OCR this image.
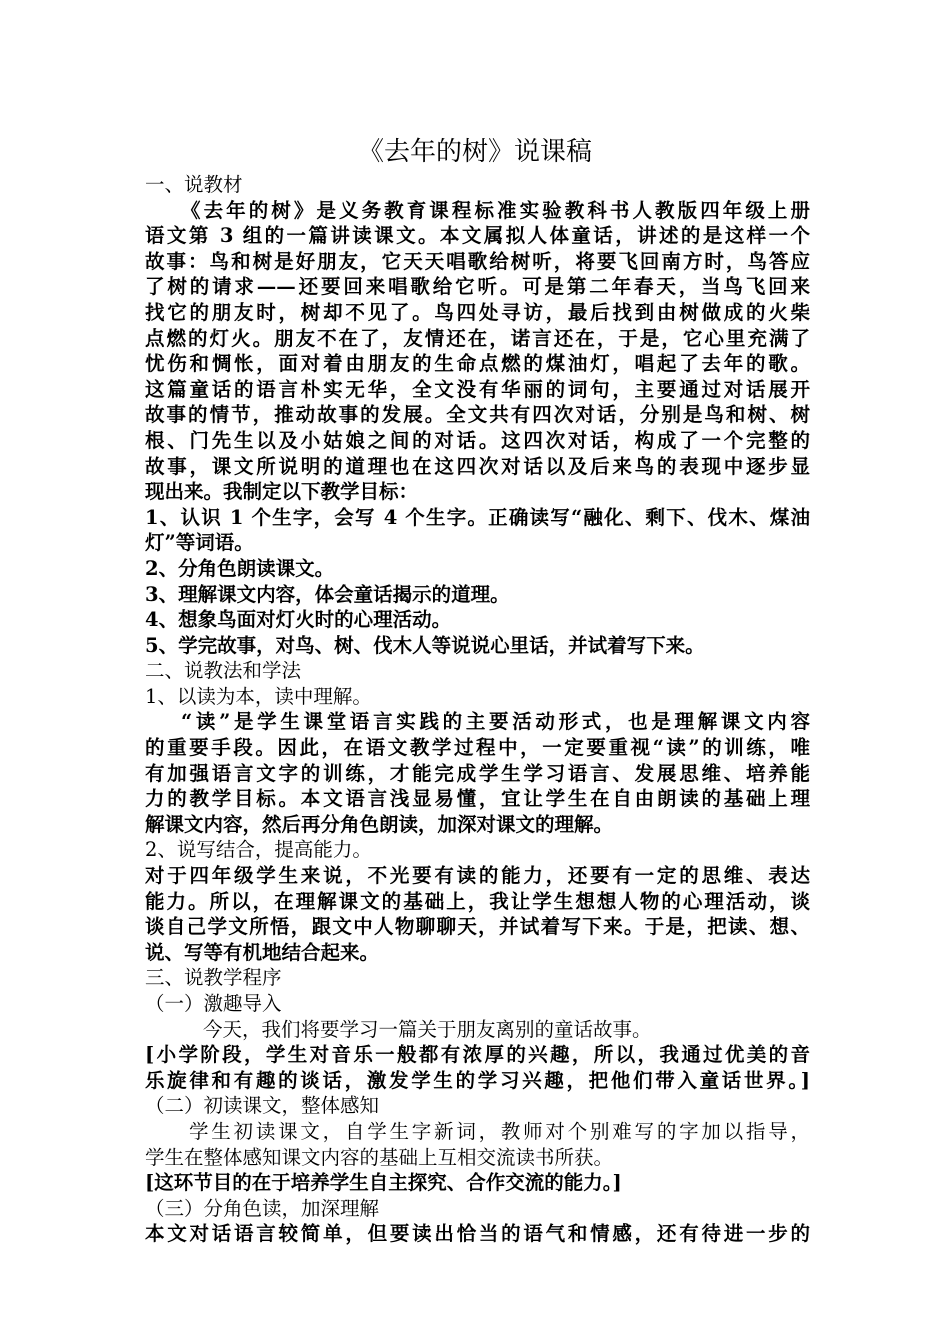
《去年的树》说课稿
一、说教材
《去年的树》是义务教育课程标准实验教科书人教版四年级上册
语文第 3 组的一篇讲读课文。本文属拟人体童话，讲述的是这样一个
故事：鸟和树是好朋友，它天天唱歌给树听，将要飞回南方时，鸟答应
了树的请求——还要回来唱歌给它听。可是第二年春天，当鸟飞回来
找它的朋友时，树却不见了。鸟四处寻访，最后找到由树做成的火柴
点燃的灯火。朋友不在了，友情还在，诺言还在，于是，它心里充满了
忧伤和惆怅，面对着由朋友的生命点燃的煤油灯，唱起了去年的歌。
这篇童话的语言朴实无华，全文没有华丽的词句，主要通过对话展开
故事的情节，推动故事的发展。全文共有四次对话，分别是鸟和树、树
根、门先生以及小姑娘之间的对话。这四次对话，构成了一个完整的
故事，课文所说明的道理也在这四次对话以及后来鸟的表现中逐步显
现出来。我制定以下教学目标：
1、认识 1 个生字，会写 4 个生字。正确读写“融化、剩下、伐木、煤油
灯”等词语。
2、分角色朗读课文。
3、理解课文内容，体会童话揭示的道理。
4、想象鸟面对灯火时的心理活动。
5、学完故事，对鸟、树、伐木人等说说心里话，并试着写下来。
二、说教法和学法
1、以读为本，读中理解。
“读”是学生课堂语言实践的主要活动形式，也是理解课文内容
的重要手段。因此，在语文教学过程中，一定要重视“读”的训练，唯
有加强语言文字的训练，才能完成学生学习语言、发展思维、培养能
力的教学目标。本文语言浅显易懂，宜让学生在自由朗读的基础上理
解课文内容，然后再分角色朗读，加深对课文的理解。
2、说写结合，提高能力。
对于四年级学生来说，不光要有读的能力，还要有一定的思维、表达
能力。所以，在理解课文的基础上，我让学生想想人物的心理活动，谈
谈自己学文所悟，跟文中人物聊聊天，并试着写下来。于是，把读、想、
说、写等有机地结合起来。
三、说教学程序
（一）激趣导入
今天，我们将要学习一篇关于朋友离别的童话故事。
[小学阶段，学生对音乐一般都有浓厚的兴趣，所以，我通过优美的音
乐旋律和有趣的谈话，激发学生的学习兴趣，把他们带入童话世界。]
（二）初读课文，整体感知
学生初读课文，自学生字新词，教师对个别难写的字加以指导，
学生在整体感知课文内容的基础上互相交流读书所获。
[这环节目的在于培养学生自主探究、合作交流的能力。]
（三）分角色读，加深理解
本文对话语言较简单，但要读出恰当的语气和情感，还有待进一步的
